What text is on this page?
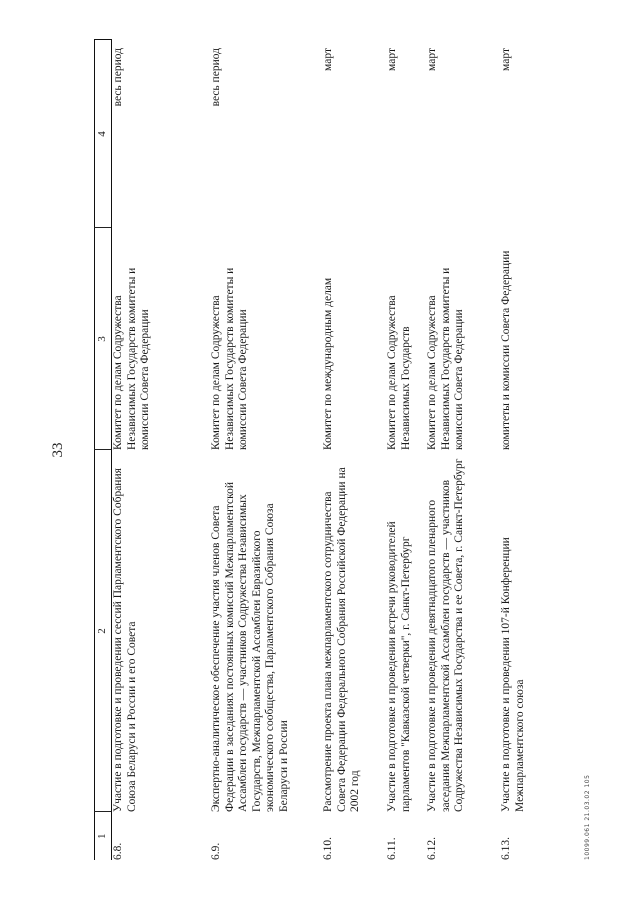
33
1	2	3	4
6.8.	Участие в подготовке и проведении сессий Парламентского Собрания Союза Беларуси и России и его Совета	Комитет по делам Содружества Независимых Государств комитеты и комиссии Совета Федерации	весь период
6.9.	Экспертно-аналитическое обеспечение участия членов Совета Федерации в заседаниях постоянных комиссий Межпарламентской Ассамблеи государств — участников Содружества Независимых Государств, Межпарламентской Ассамблеи Евразийского экономического сообщества, Парламентского Собрания Союза Беларуси и России	Комитет по делам Содружества Независимых Государств комитеты и комиссии Совета Федерации	весь период
6.10.	Рассмотрение проекта плана межпарламентского сотрудничества Совета Федерации Федерального Собрания Российской Федерации на 2002 год	Комитет по международным делам	март
6.11.	Участие в подготовке и проведении встречи руководителей парламентов "Кавказской четверки", г. Санкт-Петербург	Комитет по делам Содружества Независимых Государств	март
6.12.	Участие в подготовке и проведении девятнадцатого пленарного заседания Межпарламентской Ассамблеи государств — участников Содружества Независимых Государства и ее Совета, г. Санкт-Петербург	Комитет по делам Содружества Независимых Государств комитеты и комиссии Совета Федерации	март
6.13.	Участие в подготовке и проведении 107-й Конференции Межпарламентского союза	комитеты и комиссии Совета Федерации	март
10099.061 21.03.02 105
